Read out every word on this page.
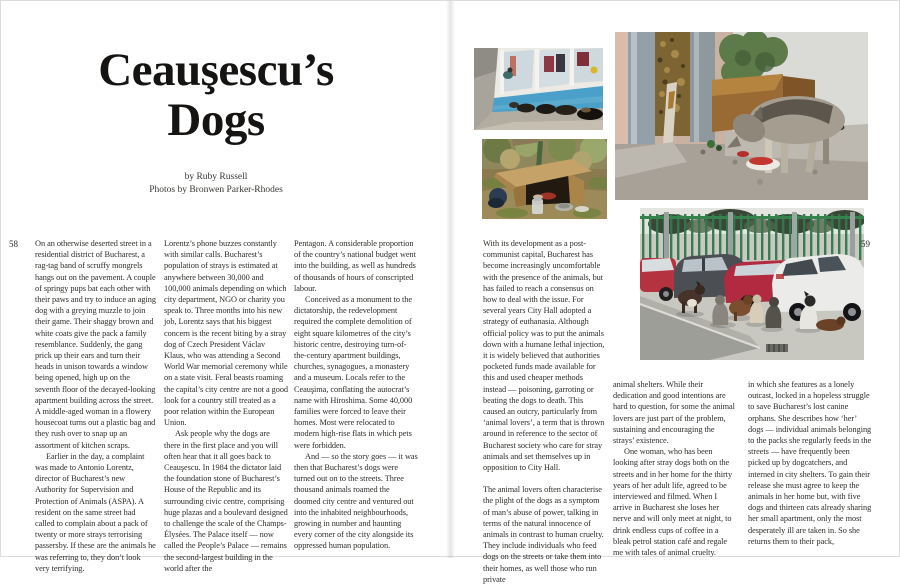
Ceauşescu’s
Dogs
by Ruby Russell
Photos by Bronwen Parker-Rhodes
58 On an otherwise deserted street in a residential district of Bucharest, a rag-tag band of scruffy mongrels hangs out on the pavement. A couple of springy pups bat each other with their paws and try to induce an aging dog with a greying muzzle to join their game. Their shaggy brown and white coats give the pack a family resemblance. Suddenly, the gang prick up their ears and turn their heads in unison towards a window being opened, high up on the seventh floor of the decayed-looking apartment building across the street. A middle-aged woman in a flowery housecoat turns out a plastic bag and they rush over to snap up an assortment of kitchen scraps.

Earlier in the day, a complaint was made to Antonio Lorentz, director of Bucharest’s new Authority for Supervision and Protection of Animals (ASPA). A resident on the same street had called to complain about a pack of twenty or more strays terrorising passersby. If these are the animals he was referring to, they don’t look very terrifying.

Lorentz’s phone buzzes constantly with similar calls. Bucharest’s population of strays is estimated at anywhere between 30,000 and 100,000 animals depending on which city department, NGO or charity you speak to. Three months into his new job, Lorentz says that his biggest concern is the recent biting by a stray dog of Czech President Václav Klaus, who was attending a Second World War memorial ceremony while on a state visit. Feral beasts roaming the capital’s city centre are not a good look for a country still treated as a poor relation within the European Union.

Ask people why the dogs are there in the first place and you will often hear that it all goes back to Ceauşescu. In 1984 the dictator laid the foundation stone of Bucharest’s House of the Republic and its surrounding civic centre, comprising huge plazas and a boulevard designed to challenge the scale of the Champs-Élysées. The Palace itself — now called the People’s Palace — remains the second-largest building in the world after the

Pentagon. A considerable proportion of the country’s national budget went into the building, as well as hundreds of thousands of hours of conscripted labour.

Conceived as a monument to the dictatorship, the redevelopment required the complete demolition of eight square kilometres of the city’s historic centre, destroying turn-of-the-century apartment buildings, churches, synagogues, a monastery and a museum. Locals refer to the Ceauşima, conflating the autocrat’s name with Hiroshima. Some 40,000 families were forced to leave their homes. Most were relocated to modern high-rise flats in which pets were forbidden.

And — so the story goes — it was then that Bucharest’s dogs were turned out on to the streets. Three thousand animals roamed the doomed city centre and ventured out into the inhabited neighbourhoods, growing in number and haunting every corner of the city alongside its oppressed human population.

59

With its development as a post-communist capital, Bucharest has become increasingly uncomfortable with the presence of the animals, but has failed to reach a consensus on how to deal with the issue. For several years City Hall adopted a strategy of euthanasia. Although official policy was to put the animals down with a humane lethal injection, it is widely believed that authorities pocketed funds made available for this and used cheaper methods instead — poisoning, garroting or beating the dogs to death. This caused an outcry, particularly from ‘animal lovers’, a term that is thrown around in reference to the sector of Bucharest society who care for stray animals and set themselves up in opposition to City Hall.

The animal lovers often characterise the plight of the dogs as a symptom of man’s abuse of power, talking in terms of the natural innocence of animals in contrast to human cruelty. They include individuals who feed dogs on the streets or take them into their homes, as well those who run private

animal shelters. While their dedication and good intentions are hard to question, for some the animal lovers are just part of the problem, sustaining and encouraging the strays’ existence.

One woman, who has been looking after stray dogs both on the streets and in her home for the thirty years of her adult life, agreed to be interviewed and filmed. When I arrive in Bucharest she loses her nerve and will only meet at night, to drink endless cups of coffee in a bleak petrol station café and regale me with tales of animal cruelty.

in which she features as a lonely outcast, locked in a hopeless struggle to save Bucharest’s lost canine orphans. She describes how ‘her’ dogs — individual animals belonging to the packs she regularly feeds in the streets — have frequently been picked up by dogcatchers, and interned in city shelters. To gain their release she must agree to keep the animals in her home but, with five dogs and thirteen cats already sharing her small apartment, only the most desperately ill are taken in. So she returns them to their pack,
